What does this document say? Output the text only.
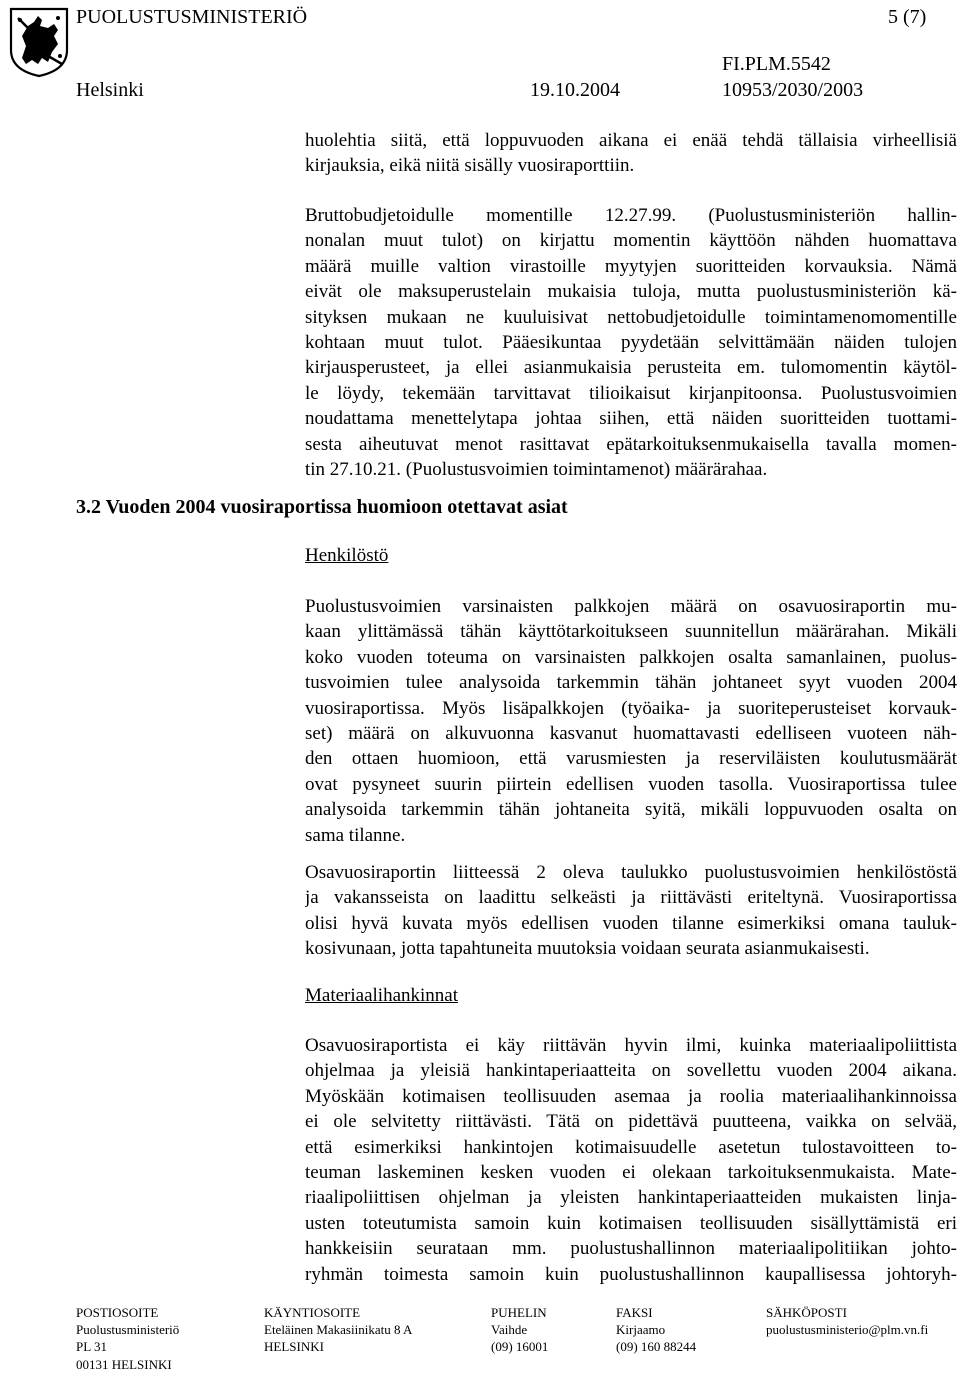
PUOLUSTUSMINISTERIÖ	5 (7)
Helsinki	19.10.2004
FI.PLM.5542
10953/2030/2003
huolehtia siitä, että loppuvuoden aikana ei enää tehdä tällaisia virheellisiä
kirjauksia, eikä niitä sisälly vuosiraporttiin.
Bruttobudjetoidulle momentille 12.27.99. (Puolustusministeriön hallin-
nonalan muut tulot) on kirjattu momentin käyttöön nähden huomattava
määrä muille valtion virastoille myytyjen suoritteiden korvauksia. Nämä
eivät ole maksuperustelain mukaisia tuloja, mutta puolustusministeriön kä-
sityksen mukaan ne kuuluisivat nettobudjetoidulle toimintamenomomentille
kohtaan muut tulot. Pääesikuntaa pyydetään selvittämään näiden tulojen
kirjausperusteet, ja ellei asianmukaisia perusteita em. tulomomentin käytöl-
le löydy, tekemään tarvittavat tilioikaisut kirjanpitoonsa. Puolustusvoimien
noudattama menettelytapa johtaa siihen, että näiden suoritteiden tuottami-
sesta aiheutuvat menot rasittavat epätarkoituksenmukaisella tavalla momen-
tin 27.10.21. (Puolustusvoimien toimintamenot) määrärahaa.
3.2 Vuoden 2004 vuosiraportissa huomioon otettavat asiat
Henkilöstö
Puolustusvoimien varsinaisten palkkojen määrä on osavuosiraportin mu-
kaan ylittämässä tähän käyttötarkoitukseen suunnitellun määrärahan. Mikäli
koko vuoden toteuma on varsinaisten palkkojen osalta samanlainen, puolus-
tusvoimien tulee analysoida tarkemmin tähän johtaneet syyt vuoden 2004
vuosiraportissa. Myös lisäpalkkojen (työaika- ja suoriteperusteiset korvauk-
set) määrä on alkuvuonna kasvanut huomattavasti edelliseen vuoteen näh-
den ottaen huomioon, että varusmiesten ja reserviläisten koulutusmäärät
ovat pysyneet suurin piirtein edellisen vuoden tasolla. Vuosiraportissa tulee
analysoida tarkemmin tähän johtaneita syitä, mikäli loppuvuoden osalta on
sama tilanne.
Osavuosiraportin liitteessä 2 oleva taulukko puolustusvoimien henkilöstöstä
ja vakansseista on laadittu selkeästi ja riittävästi eriteltynä. Vuosiraportissa
olisi hyvä kuvata myös edellisen vuoden tilanne esimerkiksi omana tauluk-
kosivunaan, jotta tapahtuneita muutoksia voidaan seurata asianmukaisesti.
Materiaalihankinnat
Osavuosiraportista ei käy riittävän hyvin ilmi, kuinka materiaalipoliittista
ohjelmaa ja yleisiä hankintaperiaatteita on sovellettu vuoden 2004 aikana.
Myöskään kotimaisen teollisuuden asemaa ja roolia materiaalihankinnoissa
ei ole selvitetty riittävästi. Tätä on pidettävä puutteena, vaikka on selvää,
että esimerkiksi hankintojen kotimaisuudelle asetetun tulostavoitteen to-
teuman laskeminen kesken vuoden ei olekaan tarkoituksenmukaista. Mate-
riaalipoliittisen ohjelman ja yleisten hankintaperiaatteiden mukaisten linja-
usten toteutumista samoin kuin kotimaisen teollisuuden sisällyttämistä eri
hankkeisiin seurataan mm. puolustushallinnon materiaalipolitiikan johto-
ryhmän toimesta samoin kuin puolustushallinnon kaupallisessa johtoryh-
POSTIOSOITE
Puolustusministeriö
PL 31
00131 HELSINKI
KÄYNTIOSOITE
Eteläinen Makasiinikatu 8 A
HELSINKI
PUHELIN
Vaihde
(09) 16001
FAKSI
Kirjaamo
(09) 160 88244
SÄHKÖPOSTI
puolustusministerio@plm.vn.fi
